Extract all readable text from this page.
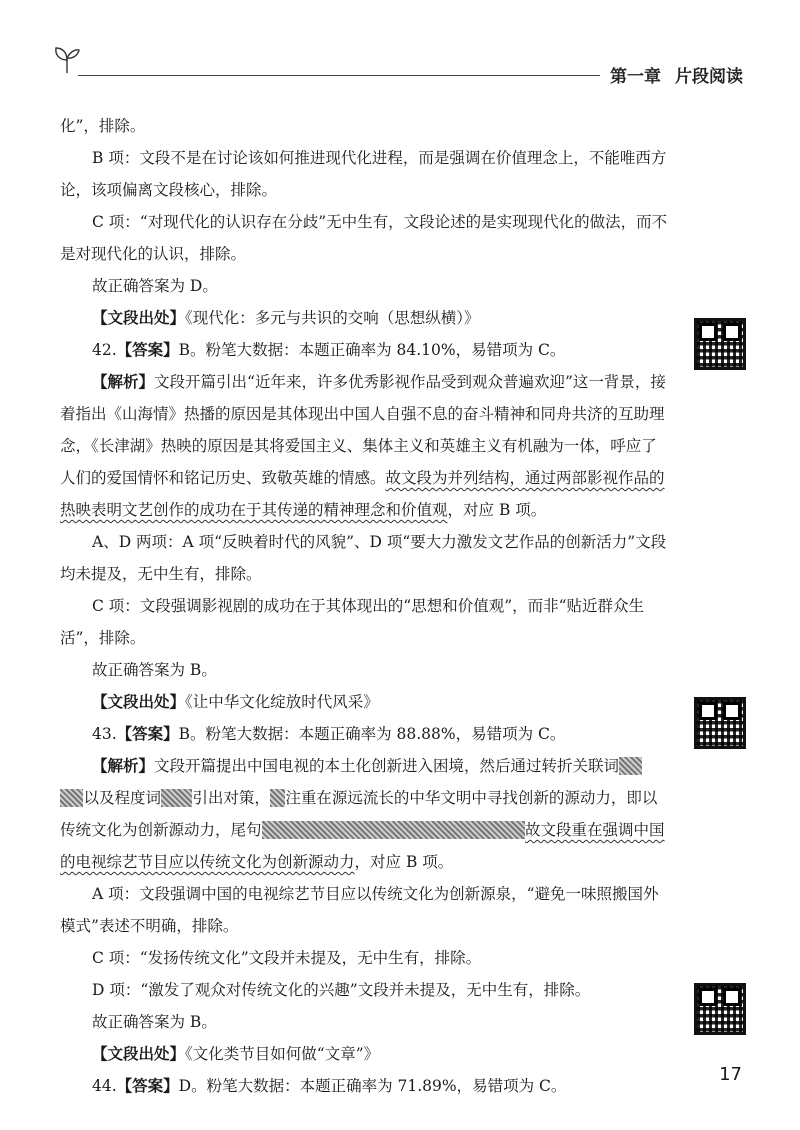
第一章 片段阅读

化”，排除。

B 项：文段不是在讨论该如何推进现代化进程，而是强调在价值理念上，不能唯西方论，该项偏离文段核心，排除。

C 项：“对现代化的认识存在分歧”无中生有，文段论述的是实现现代化的做法，而不是对现代化的认识，排除。

故正确答案为 D。

【文段出处】《现代化：多元与共识的交响（思想纵横）》

42.【答案】B。粉笔大数据：本题正确率为 84.10%，易错项为 C。

【解析】文段开篇引出“近年来，许多优秀影视作品受到观众普遍欢迎”这一背景，接着指出《山海情》热播的原因是其体现出中国人自强不息的奋斗精神和同舟共济的互助理念，《长津湖》热映的原因是其将爱国主义、集体主义和英雄主义有机融为一体，呼应了人们的爱国情怀和铭记历史、致敬英雄的情感。故文段为并列结构，通过两部影视作品的热映表明文艺创作的成功在于其传递的精神理念和价值观，对应 B 项。

A、D 两项：A 项“反映着时代的风貌”、D 项“要大力激发文艺作品的创新活力”文段均未提及，无中生有，排除。

C 项：文段强调影视剧的成功在于其体现出的“思想和价值观”，而非“贴近群众生活”，排除。

故正确答案为 B。

【文段出处】《让中华文化绽放时代风采》

43.【答案】B。粉笔大数据：本题正确率为 88.88%，易错项为 C。

【解析】文段开篇提出中国电视的本土化创新进入困境，然后通过转折关联词以及程度词 引出对策， 注重在源远流长的中华文明中寻找创新的源动力，即以传统文化为创新源动力，尾句	故文段重在强调中国的电视综艺节目应以传统文化为创新源动力，对应 B 项。

A 项：文段强调中国的电视综艺节目应以传统文化为创新源泉，“避免一味照搬国外模式”表述不明确，排除。

C 项：“发扬传统文化”文段并未提及，无中生有，排除。

D 项：“激发了观众对传统文化的兴趣”文段并未提及，无中生有，排除。

故正确答案为 B。

【文段出处】《文化类节目如何做“文章”》

44.【答案】D。粉笔大数据：本题正确率为 71.89%，易错项为 C。

17
